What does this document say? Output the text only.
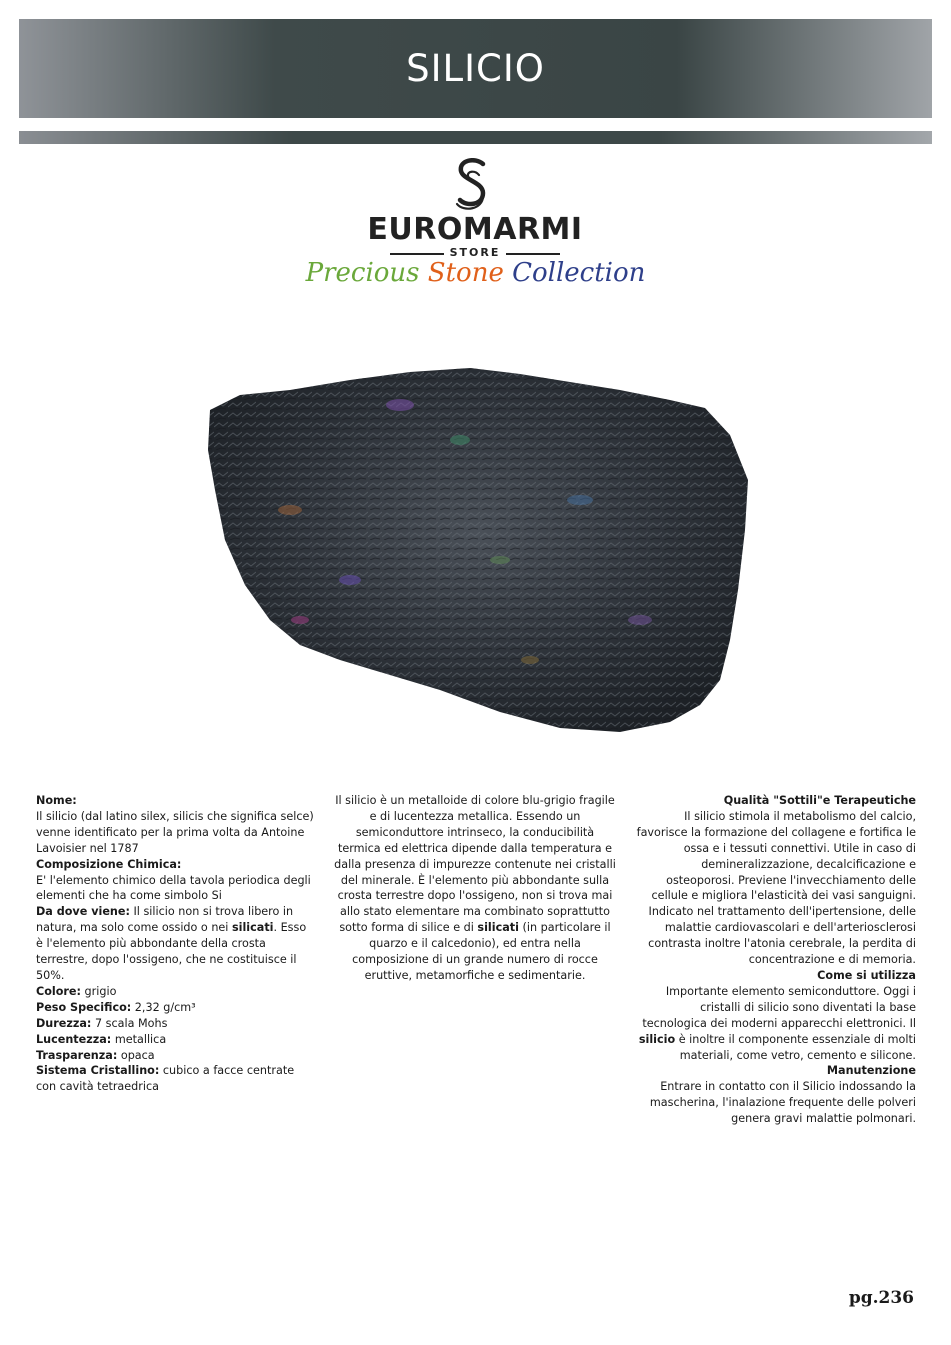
SILICIO
EUROMARMI
STORE
Precious Stone Collection

Nome:

Il silicio (dal latino silex, silicis che significa selce) venne identificato per la prima volta da Antoine Lavoisier nel 1787

Composizione Chimica:

E' l'elemento chimico della tavola periodica degli elementi che ha come simbolo Si

Da dove viene: Il silicio non si trova libero in natura, ma solo come ossido o nei silicati. Esso è l'elemento più abbondante della crosta terrestre, dopo l'ossigeno, che ne costituisce il 50%.

Colore: grigio

Peso Specifico: 2,32 g/cm³

Durezza: 7 scala Mohs

Lucentezza: metallica

Trasparenza: opaca

Sistema Cristallino: cubico a facce centrate con cavità tetraedrica

Il silicio è un metalloide di colore blu-grigio fragile e di lucentezza metallica. Essendo un semiconduttore intrinseco, la conducibilità termica ed elettrica dipende dalla temperatura e dalla presenza di impurezze contenute nei cristalli del minerale. È l'elemento più abbondante sulla crosta terrestre dopo l'ossigeno, non si trova mai allo stato elementare ma combinato soprattutto sotto forma di silice e di silicati (in particolare il quarzo e il calcedonio), ed entra nella composizione di un grande numero di rocce eruttive, metamorfiche e sedimentarie.

Qualità "Sottili"e Terapeutiche

Il silicio stimola il metabolismo del calcio, favorisce la formazione del collagene e fortifica le ossa e i tessuti connettivi. Utile in caso di demineralizzazione, decalcificazione e osteoporosi. Previene l'invecchiamento delle cellule e migliora l'elasticità dei vasi sanguigni. Indicato nel trattamento dell'ipertensione, delle malattie cardiovascolari e dell'arteriosclerosi contrasta inoltre l'atonia cerebrale, la perdita di concentrazione e di memoria.

Come si utilizza

Importante elemento semiconduttore. Oggi i cristalli di silicio sono diventati la base tecnologica dei moderni apparecchi elettronici. Il silicio è inoltre il componente essenziale di molti materiali, come vetro, cemento e silicone.

Manutenzione

Entrare in contatto con il Silicio indossando la mascherina, l'inalazione frequente delle polveri genera gravi malattie polmonari.

pg.236
